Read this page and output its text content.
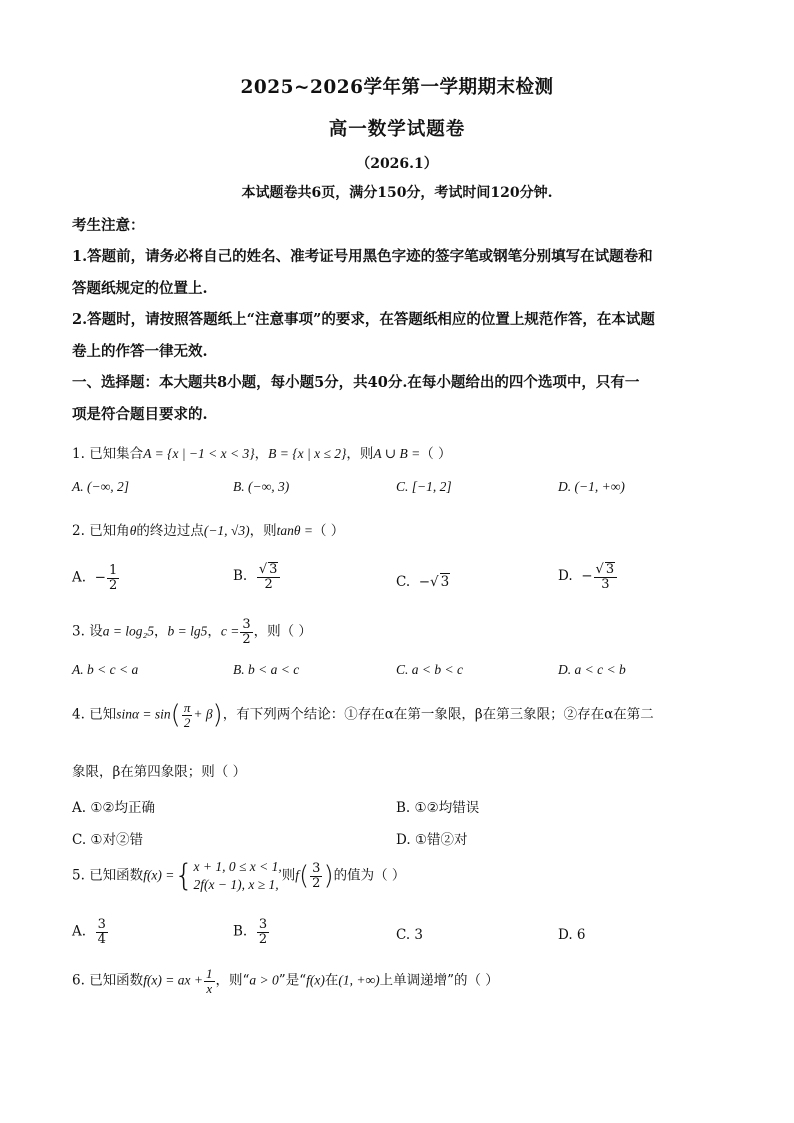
2025~2026学年第一学期期末检测
高一数学试题卷
（2026.1）
本试题卷共6页，满分150分，考试时间120分钟.
考生注意：
1.答题前，请务必将自己的姓名、准考证号用黑色字迹的签字笔或钢笔分别填写在试题卷和
答题纸规定的位置上.
2.答题时，请按照答题纸上“注意事项”的要求，在答题纸相应的位置上规范作答，在本试题
卷上的作答一律无效.
一、选择题：本大题共8小题，每小题5分，共40分.在每小题给出的四个选项中，只有一
项是符合题目要求的.
1. 已知集合A = {x | −1 < x < 3}，B = {x | x ≤ 2}，则A ∪ B =（ ）
A. (−∞, 2]	B. (−∞, 3)	C. [−1, 2]	D. (−1, +∞)
2. 已知角θ的终边过点(−1, √3)，则tanθ =（ ）
A.  − $\frac{1}{2}$	B. $\frac{√ 3}{2}$	C.  −√ 3	D.  − $\frac{√ 3}{3}$
3. 设a = log₂5，b = lg5，$c = \frac{3}{2}$ ，则（ ）
A. b < c < a	B. b < a < c	C. a < b < c	D. a < c < b
4. 已知$\sin\alpha = \sin( \frac{\pi}{2} + \beta)$，有下列两个结论：①存在α在第一象限，β在第三象限；②存在α在第二
象限，β在第四象限；则（ ）
A. ①②均正确	B. ①②均错误
C. ①对②错	D. ①错②对
5. 已知函数f(x) ={ x + 1, 0 ≤ x < 1,
2f(x − 1), x ≥ 1,
则$f( \frac{3}{2}$ )的值为（ ）
A. $\frac{3}{4}$	B. $\frac{3}{2}$	C. 3	D. 6
6. 已知函数f(x) = ax + $\frac{1}{x}$ ，则“a > 0”是“f(x)在(1, +∞)上单调递增”的（ ）
